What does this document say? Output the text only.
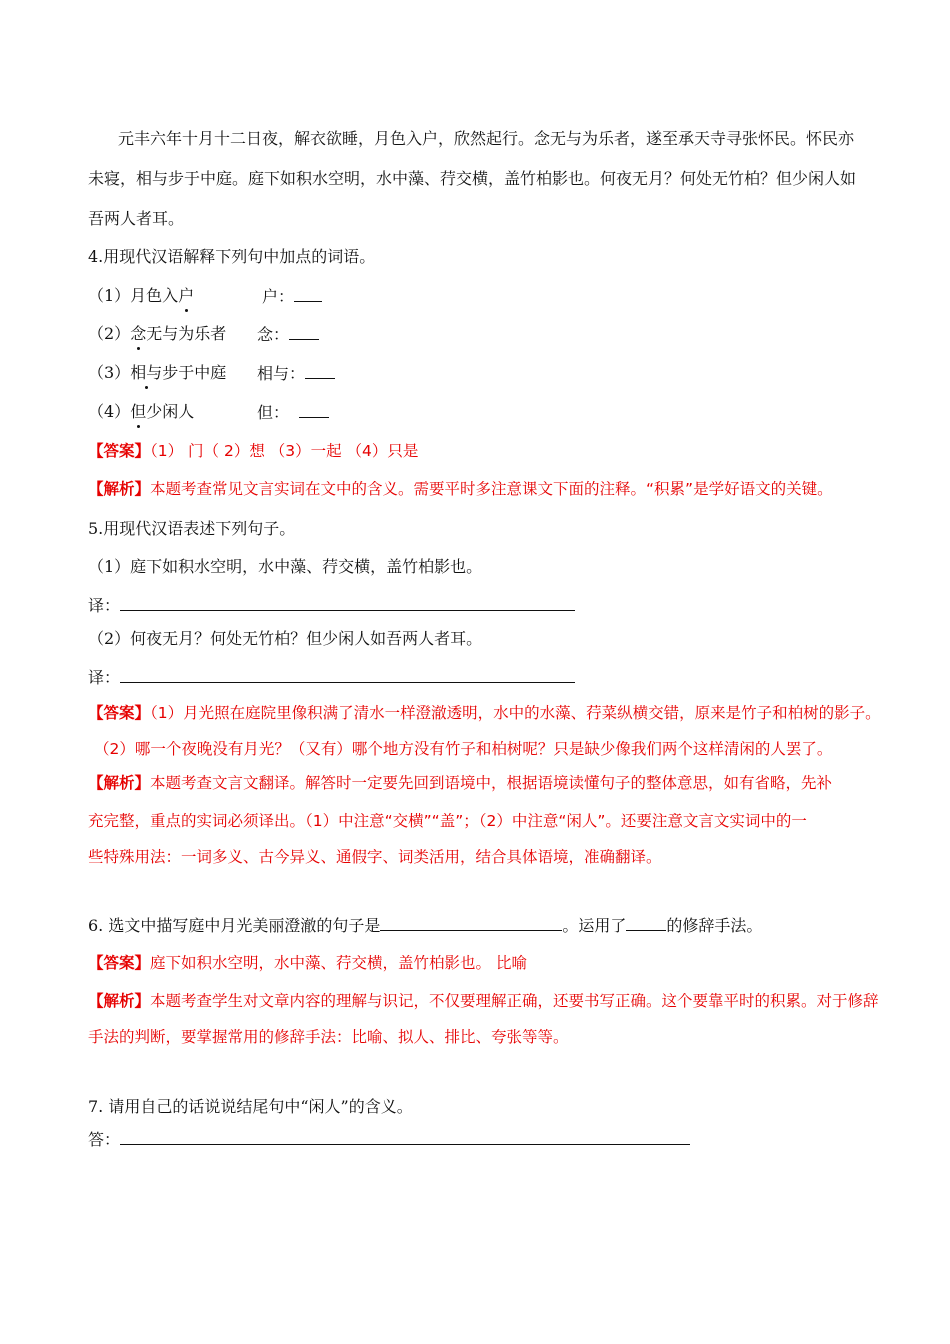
元丰六年十月十二日夜，解衣欲睡，月色入户，欣然起行。念无与为乐者，遂至承天寺寻张怀民。怀民亦
未寝，相与步于中庭。庭下如积水空明，水中藻、荇交横，盖竹柏影也。何夜无月？何处无竹柏？但少闲人如
吾两人者耳。
4.用现代汉语解释下列句中加点的词语。
（1）月色入户	户：
（2）念无与为乐者 念：
（3）相与步于中庭 相与：
（4）但少闲人	但：
【答案】（1） 门（ 2）想 （3）一起 （4）只是
【解析】本题考查常见文言实词在文中的含义。需要平时多注意课文下面的注释。“积累”是学好语文的关键。
5.用现代汉语表述下列句子。
（1）庭下如积水空明，水中藻、荇交横，盖竹柏影也。
译：
（2）何夜无月？何处无竹柏？但少闲人如吾两人者耳。
译：
【答案】（1）月光照在庭院里像积满了清水一样澄澈透明，水中的水藻、荇菜纵横交错，原来是竹子和柏树的影子。
（2）哪一个夜晚没有月光？（又有）哪个地方没有竹子和柏树呢？只是缺少像我们两个这样清闲的人罢了。
【解析】本题考查文言文翻译。解答时一定要先回到语境中，根据语境读懂句子的整体意思，如有省略，先补
充完整，重点的实词必须译出。（1）中注意“交横”“盖”；（2）中注意“闲人”。还要注意文言文实词中的一
些特殊用法：一词多义、古今异义、通假字、词类活用，结合具体语境，准确翻译。
6. 选文中描写庭中月光美丽澄澈的句子是	。运用了	的修辞手法。
【答案】庭下如积水空明，水中藻、荇交横，盖竹柏影也。 比喻
【解析】本题考查学生对文章内容的理解与识记，不仅要理解正确，还要书写正确。这个要靠平时的积累。对于修辞
手法的判断，要掌握常用的修辞手法：比喻、拟人、排比、夸张等等。
7. 请用自己的话说说结尾句中“闲人”的含义。
答：
